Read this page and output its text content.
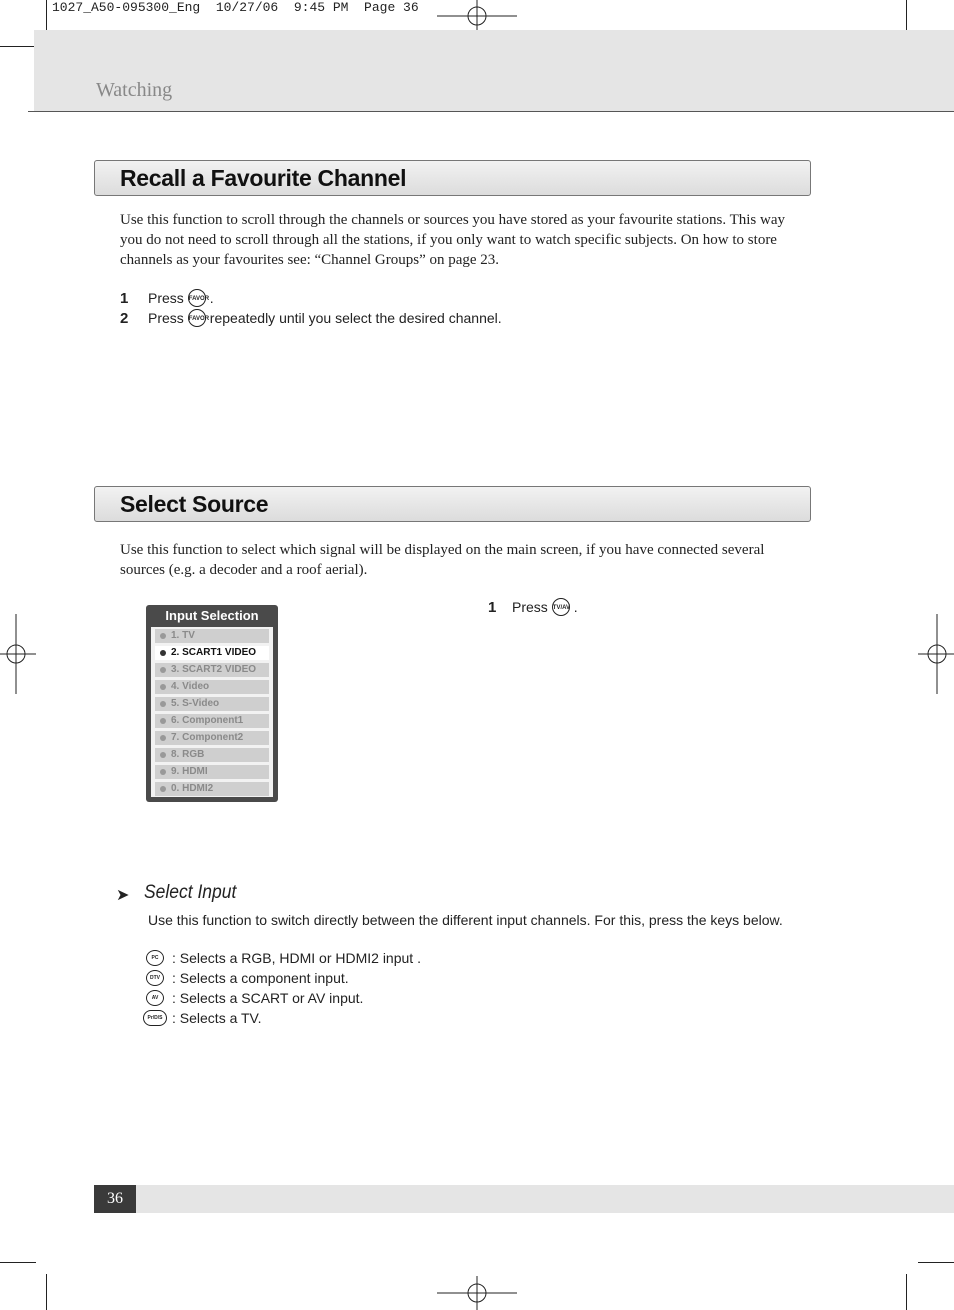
1027_A50-095300_Eng  10/27/06  9:45 PM  Page 36
Watching
Recall a Favourite Channel
Use this function to scroll through the channels or sources you have stored as your favourite stations. This way
you do not need to scroll through all the stations, if you only want to watch specific subjects. On how to store
channels as your favourites see: “Channel Groups” on page 23.
1	Press FAVOR .
2	Press FAVOR repeatedly until you select the desired channel.
Select Source
Use this function to select which signal will be displayed on the main screen, if you have connected several
sources (e.g. a decoder and a roof aerial).
1	Press TV/AV .
Input Selection
1. TV
2. SCART1 VIDEO
3. SCART2 VIDEO
4. Video
5. S-Video
6. Component1
7. Component2
8. RGB
9. HDMI
0. HDMI2
➤ Select Input
Use this function to switch directly between the different input channels. For this, press the keys below.
PC : Selects a RGB, HDMI or HDMI2 input .
DTV : Selects a component input.
AV : Selects a SCART or AV input.
Pr/D/S : Selects a TV.
36
